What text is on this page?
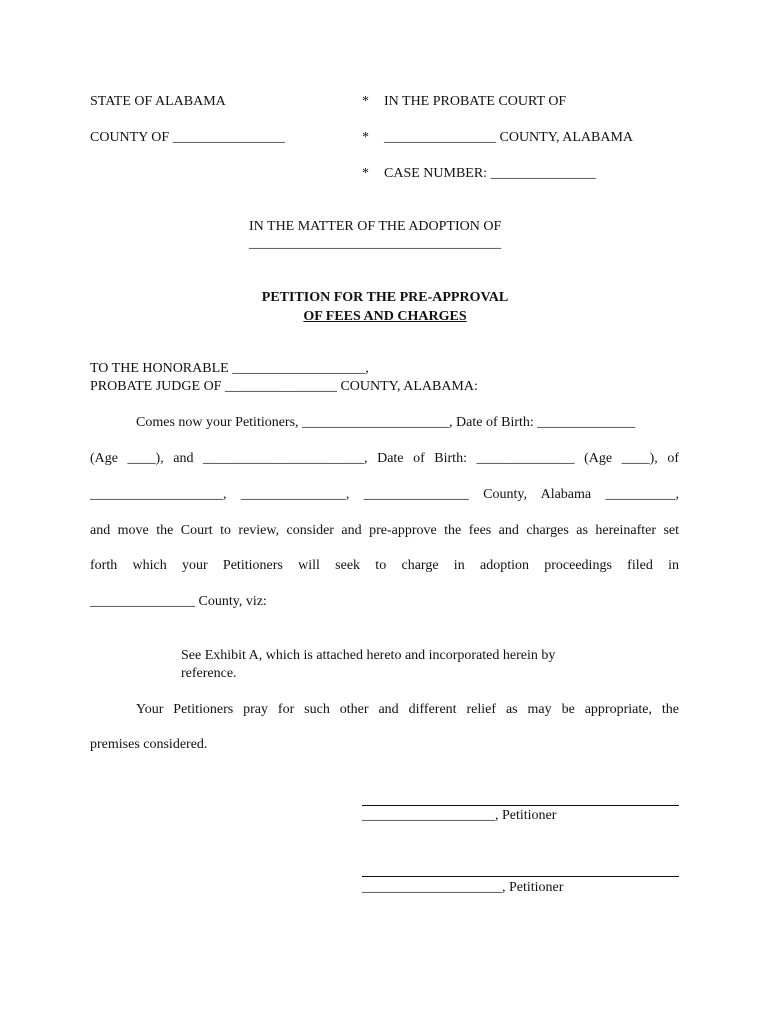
STATE OF ALABAMA	* IN THE PROBATE COURT OF
COUNTY OF ________________	* ________________ COUNTY, ALABAMA
* CASE NUMBER: _______________
IN THE MATTER OF THE ADOPTION OF
____________________________________
PETITION FOR THE PRE-APPROVAL
OF FEES AND CHARGES
TO THE HONORABLE ___________________,
PROBATE JUDGE OF ________________ COUNTY, ALABAMA:
Comes now your Petitioners, _____________________, Date of Birth: ______________
(Age ____), and _______________________, Date of Birth: ______________ (Age ____), of
___________________, _______________, _______________ County, Alabama __________,
and move the Court to review, consider and pre-approve the fees and charges as hereinafter set
forth which your Petitioners will seek to charge in adoption proceedings filed in
_______________ County, viz:
See Exhibit A, which is attached hereto and incorporated herein by reference.
Your Petitioners pray for such other and different relief as may be appropriate, the
premises considered.
___________________, Petitioner
____________________, Petitioner
